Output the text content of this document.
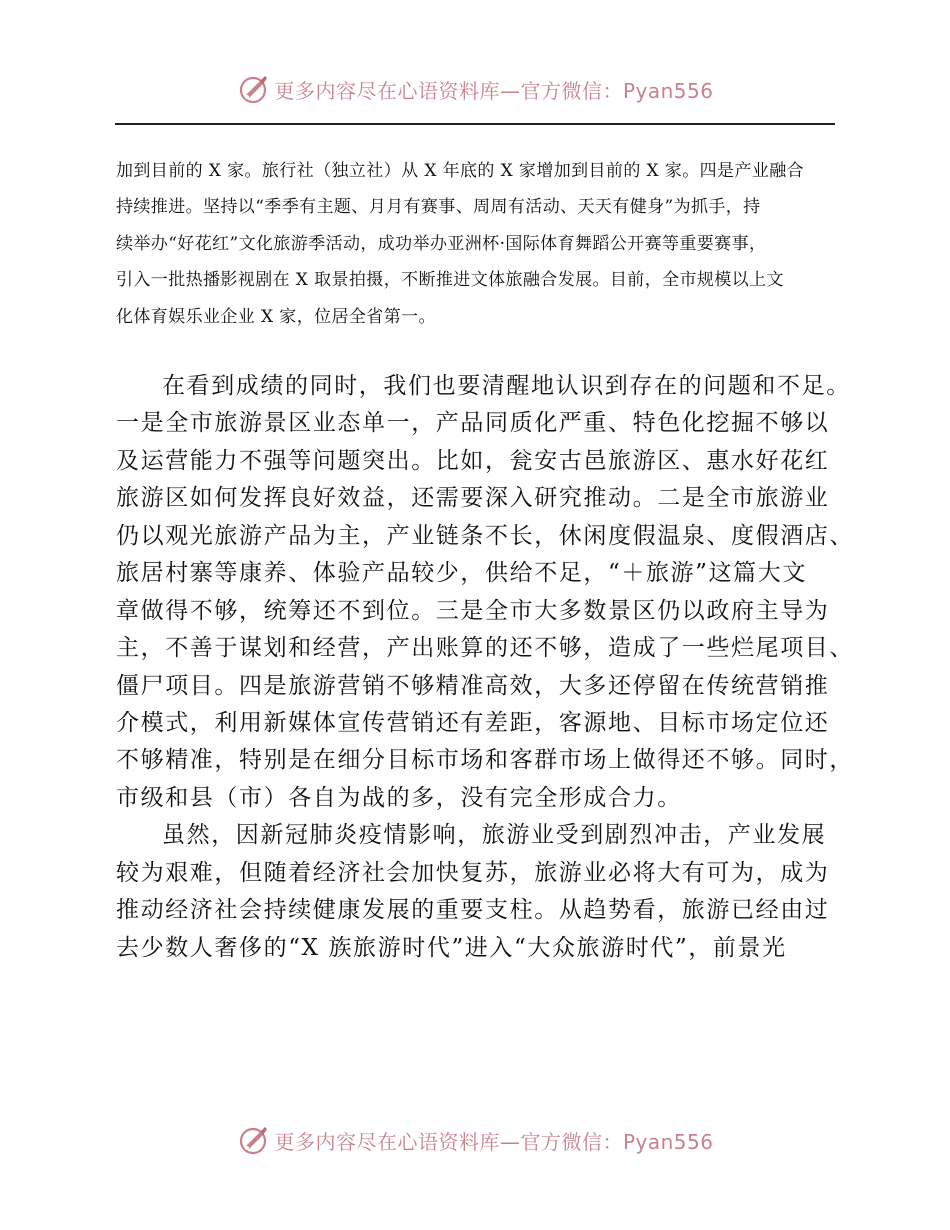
更多内容尽在心语资料库—官方微信：Pyan556
加到目前的 X 家。旅行社（独立社）从 X 年底的 X 家增加到目前的 X 家。四是产业融合
持续推进。坚持以“季季有主题、月月有赛事、周周有活动、天天有健身”为抓手，持
续举办“好花红”文化旅游季活动，成功举办亚洲杯·国际体育舞蹈公开赛等重要赛事，
引入一批热播影视剧在 X 取景拍摄，不断推进文体旅融合发展。目前，全市规模以上文
化体育娱乐业企业 X 家，位居全省第一。
在看到成绩的同时，我们也要清醒地认识到存在的问题和不足。
一是全市旅游景区业态单一，产品同质化严重、特色化挖掘不够以
及运营能力不强等问题突出。比如，瓮安古邑旅游区、惠水好花红
旅游区如何发挥良好效益，还需要深入研究推动。二是全市旅游业
仍以观光旅游产品为主，产业链条不长，休闲度假温泉、度假酒店、
旅居村寨等康养、体验产品较少，供给不足，“＋旅游”这篇大文
章做得不够，统筹还不到位。三是全市大多数景区仍以政府主导为
主，不善于谋划和经营，产出账算的还不够，造成了一些烂尾项目、
僵尸项目。四是旅游营销不够精准高效，大多还停留在传统营销推
介模式，利用新媒体宣传营销还有差距，客源地、目标市场定位还
不够精准，特别是在细分目标市场和客群市场上做得还不够。同时，
市级和县（市）各自为战的多，没有完全形成合力。
虽然，因新冠肺炎疫情影响，旅游业受到剧烈冲击，产业发展
较为艰难，但随着经济社会加快复苏，旅游业必将大有可为，成为
推动经济社会持续健康发展的重要支柱。从趋势看，旅游已经由过
去少数人奢侈的“X 族旅游时代”进入“大众旅游时代”，前景光
更多内容尽在心语资料库—官方微信：Pyan556
